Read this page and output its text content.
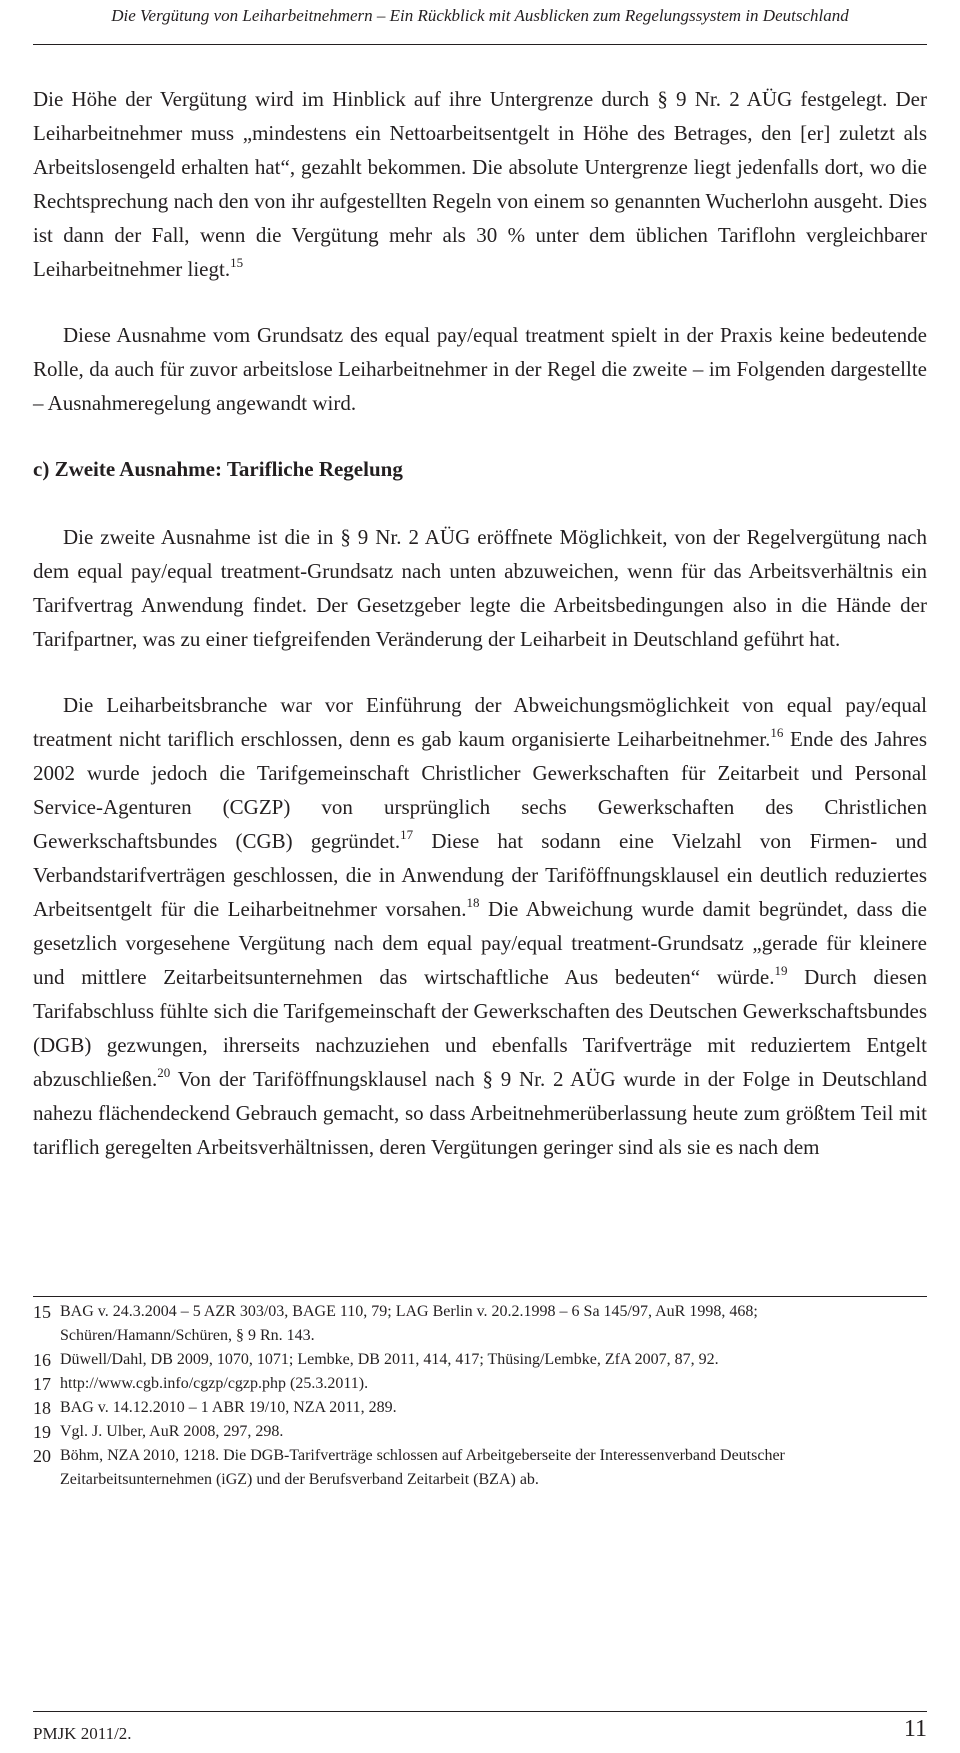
Die Vergütung von Leiharbeitnehmern – Ein Rückblick mit Ausblicken zum Regelungssystem in Deutschland

Die Höhe der Vergütung wird im Hinblick auf ihre Untergrenze durch § 9 Nr. 2 AÜG festgelegt. Der Leiharbeitnehmer muss „mindestens ein Nettoarbeitsentgelt in Höhe des Betrages, den [er] zuletzt als Arbeitslosengeld erhalten hat“, gezahlt bekommen. Die absolute Untergrenze liegt jedenfalls dort, wo die Rechtsprechung nach den von ihr aufgestellten Regeln von einem so genannten Wucherlohn ausgeht. Dies ist dann der Fall, wenn die Vergütung mehr als 30 % unter dem üblichen Tariflohn vergleichbarer Leiharbeitnehmer liegt.$^{15}$

Diese Ausnahme vom Grundsatz des equal pay/equal treatment spielt in der Praxis keine bedeutende Rolle, da auch für zuvor arbeitslose Leiharbeitnehmer in der Regel die zweite – im Folgenden dargestellte – Ausnahmeregelung angewandt wird.

c) Zweite Ausnahme: Tarifliche Regelung

Die zweite Ausnahme ist die in § 9 Nr. 2 AÜG eröffnete Möglichkeit, von der Regelvergütung nach dem equal pay/equal treatment-Grundsatz nach unten abzuweichen, wenn für das Arbeitsverhältnis ein Tarifvertrag Anwendung findet. Der Gesetzgeber legte die Arbeitsbedingungen also in die Hände der Tarifpartner, was zu einer tiefgreifenden Veränderung der Leiharbeit in Deutschland geführt hat.

Die Leiharbeitsbranche war vor Einführung der Abweichungsmöglichkeit von equal pay/equal treatment nicht tariflich erschlossen, denn es gab kaum organisierte Leiharbeitnehmer.$^{16}$ Ende des Jahres 2002 wurde jedoch die Tarifgemeinschaft Christlicher Gewerkschaften für Zeitarbeit und Personal Service-Agenturen (CGZP) von ursprünglich sechs Gewerkschaften des Christlichen Gewerkschaftsbundes (CGB) gegründet.$^{17}$ Diese hat sodann eine Vielzahl von Firmen- und Verbandstarifverträgen geschlossen, die in Anwendung der Tariföffnungsklausel ein deutlich reduziertes Arbeitsentgelt für die Leiharbeitnehmer vorsahen.$^{18}$ Die Abweichung wurde damit begründet, dass die gesetzlich vorgesehene Vergütung nach dem equal pay/equal treatment-Grundsatz „gerade für kleinere und mittlere Zeitarbeitsunternehmen das wirtschaftliche Aus bedeuten“ würde.$^{19}$ Durch diesen Tarifabschluss fühlte sich die Tarifgemeinschaft der Gewerkschaften des Deutschen Gewerkschaftsbundes (DGB) gezwungen, ihrerseits nachzuziehen und ebenfalls Tarifverträge mit reduziertem Entgelt abzuschließen.$^{20}$ Von der Tariföffnungsklausel nach § 9 Nr. 2 AÜG wurde in der Folge in Deutschland nahezu flächendeckend Gebrauch gemacht, so dass Arbeitnehmerüberlassung heute zum größtem Teil mit tariflich geregelten Arbeitsverhältnissen, deren Vergütungen geringer sind als sie es nach dem

15 BAG v. 24.3.2004 – 5 AZR 303/03, BAGE 110, 79; LAG Berlin v. 20.2.1998 – 6 Sa 145/97, AuR 1998, 468; Schüren/Hamann/Schüren, § 9 Rn. 143.
16 Düwell/Dahl, DB 2009, 1070, 1071; Lembke, DB 2011, 414, 417; Thüsing/Lembke, ZfA 2007, 87, 92.
17 http://www.cgb.info/cgzp/cgzp.php (25.3.2011).
18 BAG v. 14.12.2010 – 1 ABR 19/10, NZA 2011, 289.
19 Vgl. J. Ulber, AuR 2008, 297, 298.
20 Böhm, NZA 2010, 1218. Die DGB-Tarifverträge schlossen auf Arbeitgeberseite der Interessenverband Deutscher Zeitarbeitsunternehmen (iGZ) und der Berufsverband Zeitarbeit (BZA) ab.
PMJK 2011/2.	11
